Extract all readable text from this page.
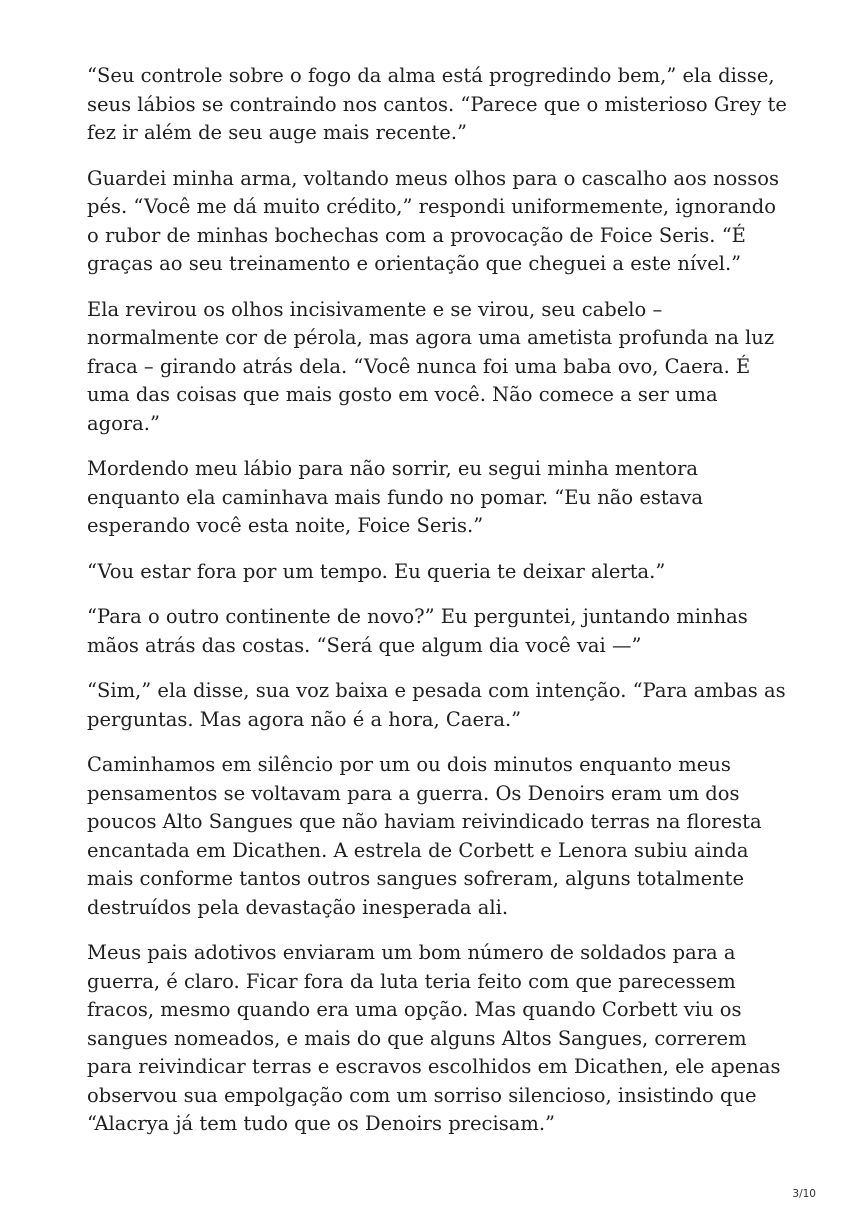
“Seu controle sobre o fogo da alma está progredindo bem,” ela disse, seus lábios se contraindo nos cantos. “Parece que o misterioso Grey te fez ir além de seu auge mais recente.”

Guardei minha arma, voltando meus olhos para o cascalho aos nossos pés. “Você me dá muito crédito,” respondi uniformemente, ignorando o rubor de minhas bochechas com a provocação de Foice Seris. “É graças ao seu treinamento e orientação que cheguei a este nível.”

Ela revirou os olhos incisivamente e se virou, seu cabelo – normalmente cor de pérola, mas agora uma ametista profunda na luz fraca – girando atrás dela. “Você nunca foi uma baba ovo, Caera. É uma das coisas que mais gosto em você. Não comece a ser uma agora.”

Mordendo meu lábio para não sorrir, eu segui minha mentora enquanto ela caminhava mais fundo no pomar. “Eu não estava esperando você esta noite, Foice Seris.”

“Vou estar fora por um tempo. Eu queria te deixar alerta.”

“Para o outro continente de novo?” Eu perguntei, juntando minhas mãos atrás das costas. “Será que algum dia você vai —”

“Sim,” ela disse, sua voz baixa e pesada com intenção. “Para ambas as perguntas. Mas agora não é a hora, Caera.”

Caminhamos em silêncio por um ou dois minutos enquanto meus pensamentos se voltavam para a guerra. Os Denoirs eram um dos poucos Alto Sangues que não haviam reivindicado terras na floresta encantada em Dicathen. A estrela de Corbett e Lenora subiu ainda mais conforme tantos outros sangues sofreram, alguns totalmente destruídos pela devastação inesperada ali.

Meus pais adotivos enviaram um bom número de soldados para a guerra, é claro. Ficar fora da luta teria feito com que parecessem fracos, mesmo quando era uma opção. Mas quando Corbett viu os sangues nomeados, e mais do que alguns Altos Sangues, correrem para reivindicar terras e escravos escolhidos em Dicathen, ele apenas observou sua empolgação com um sorriso silencioso, insistindo que “Alacrya já tem tudo que os Denoirs precisam.”

3/10
